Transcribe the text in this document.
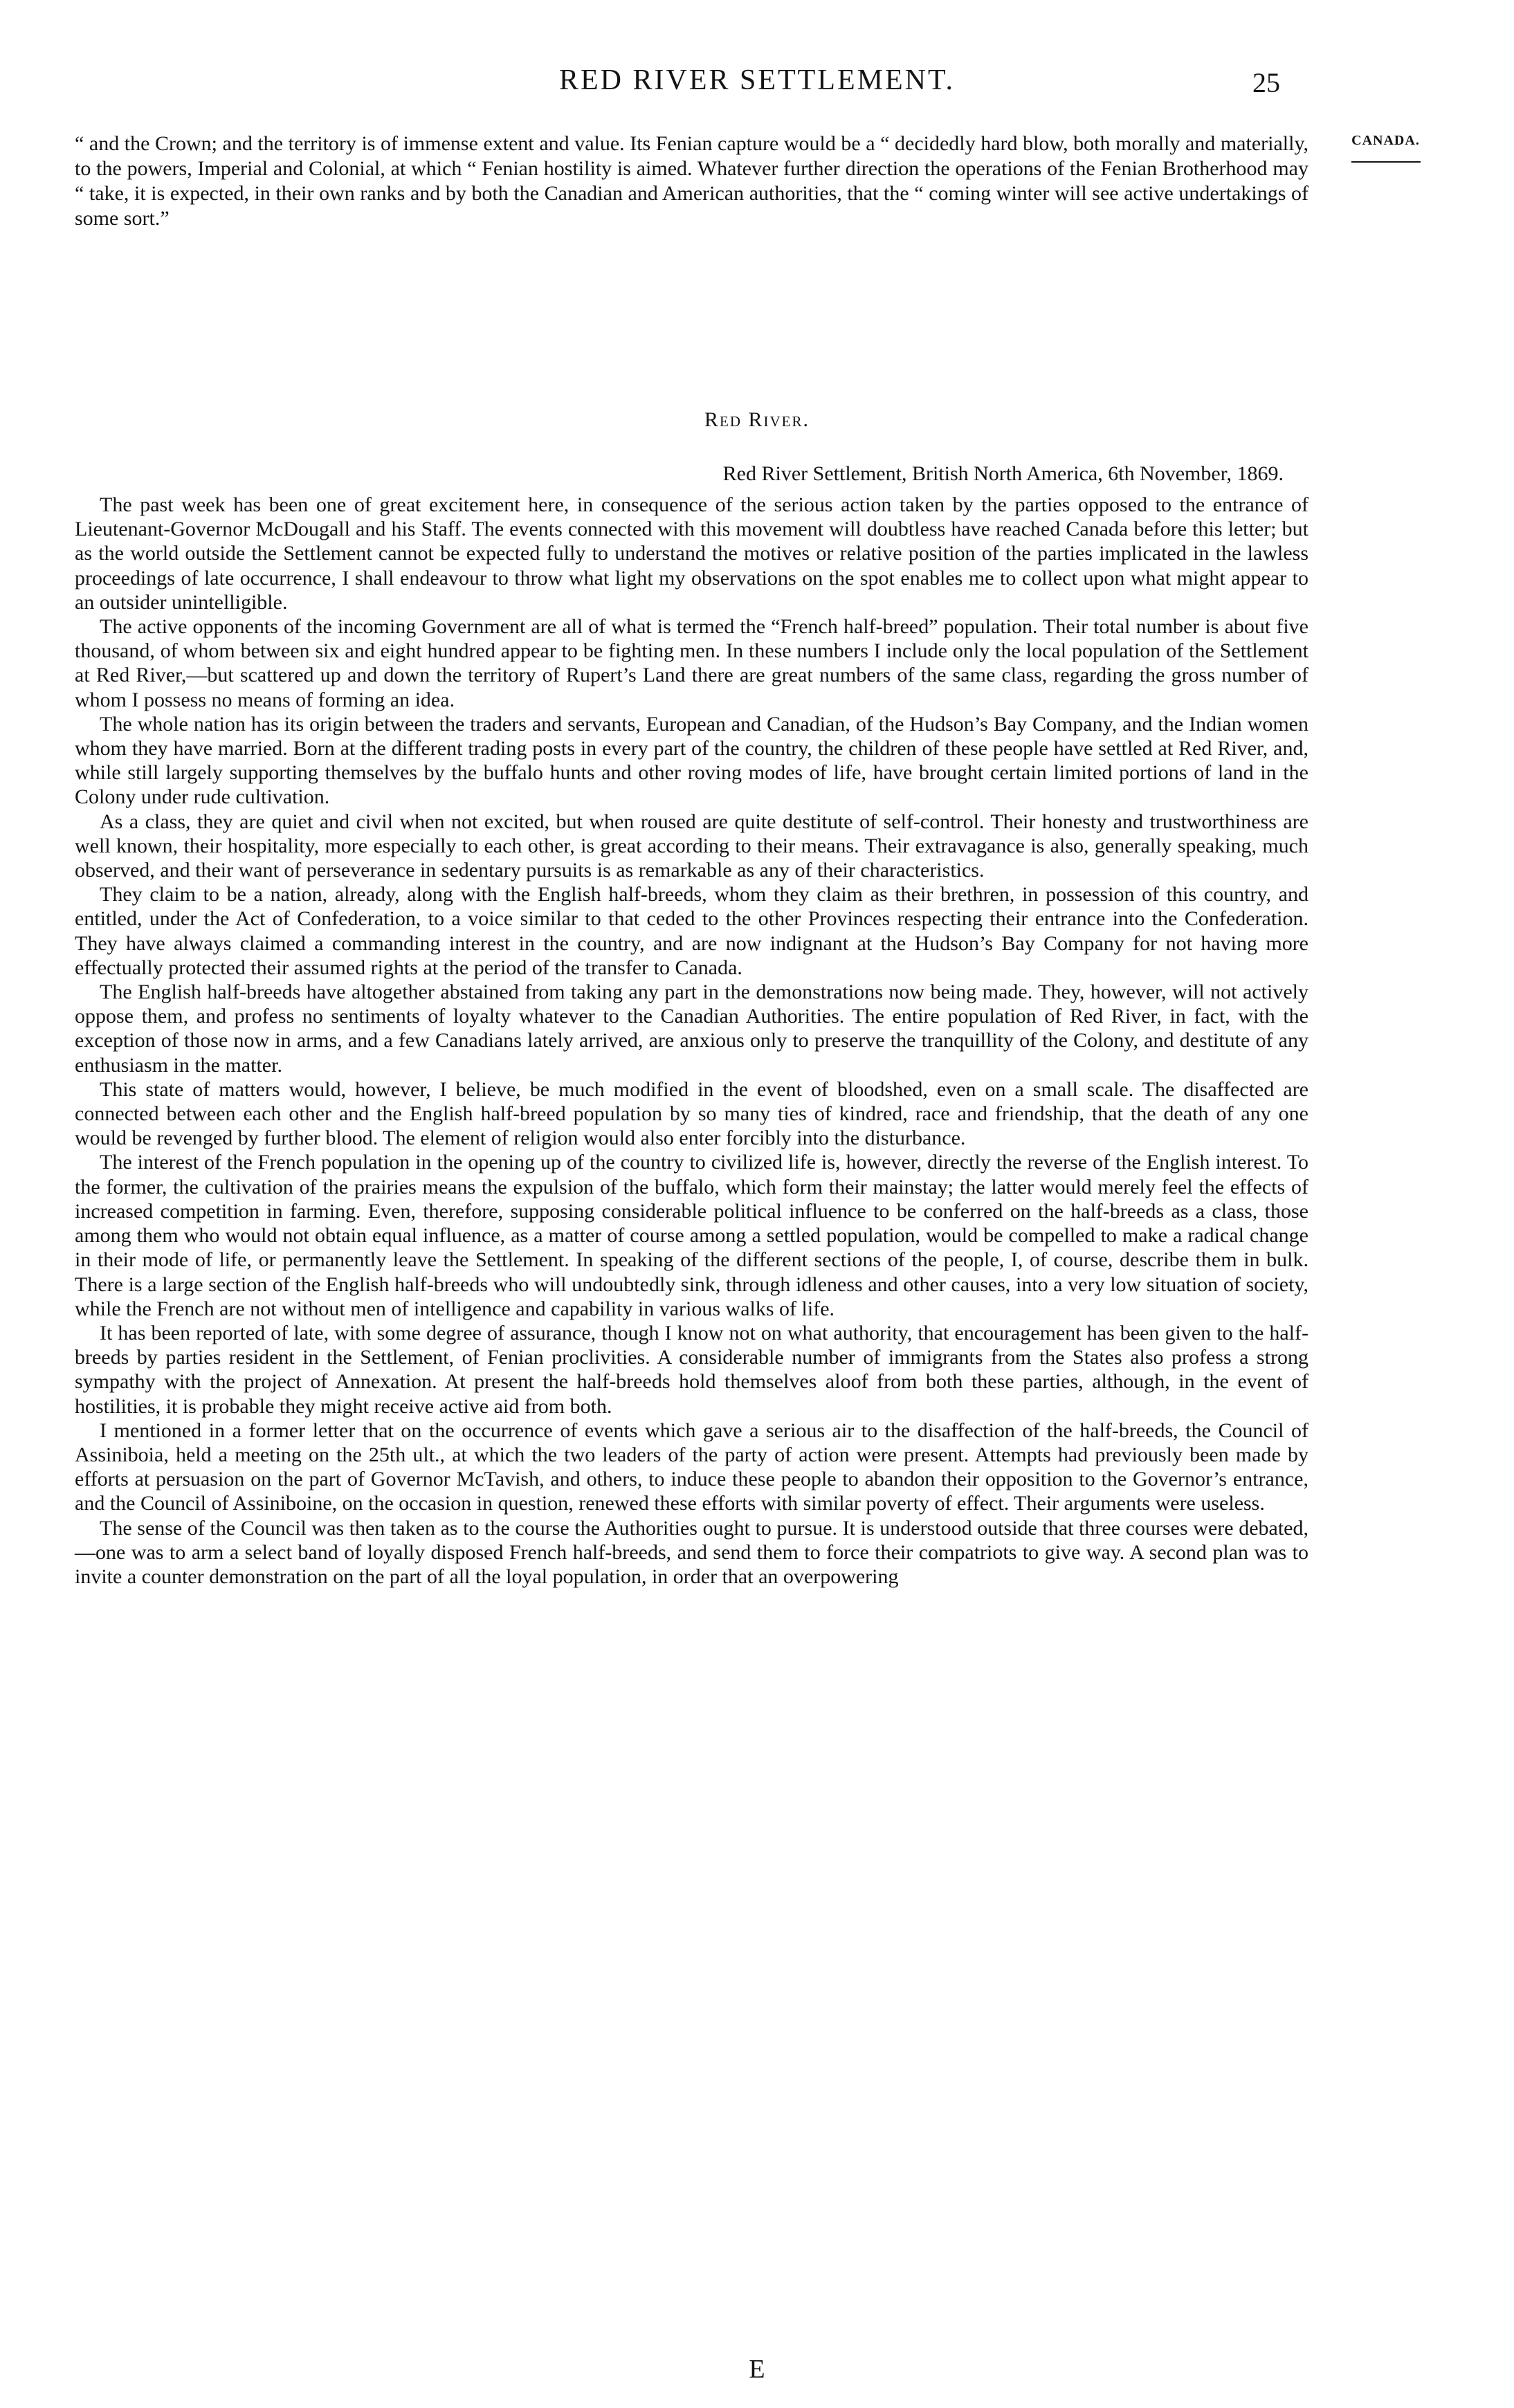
RED RIVER SETTLEMENT.	25
CANADA.

“ and the Crown; and the territory is of immense extent and value. Its Fenian capture would be a “ decidedly hard blow, both morally and materially, to the powers, Imperial and Colonial, at which “ Fenian hostility is aimed. Whatever further direction the operations of the Fenian Brotherhood may “ take, it is expected, in their own ranks and by both the Canadian and American authorities, that the “ coming winter will see active undertakings of some sort.”

Red River.
Red River Settlement, British North America, 6th November, 1869.

The past week has been one of great excitement here, in consequence of the serious action taken by the parties opposed to the entrance of Lieutenant-Governor McDougall and his Staff. The events connected with this movement will doubtless have reached Canada before this letter; but as the world outside the Settlement cannot be expected fully to understand the motives or relative position of the parties implicated in the lawless proceedings of late occurrence, I shall endeavour to throw what light my observations on the spot enables me to collect upon what might appear to an outsider unintelligible.

The active opponents of the incoming Government are all of what is termed the “French half-breed” population. Their total number is about five thousand, of whom between six and eight hundred appear to be fighting men. In these numbers I include only the local population of the Settlement at Red River,—but scattered up and down the territory of Rupert’s Land there are great numbers of the same class, regarding the gross number of whom I possess no means of forming an idea.

The whole nation has its origin between the traders and servants, European and Canadian, of the Hudson’s Bay Company, and the Indian women whom they have married. Born at the different trading posts in every part of the country, the children of these people have settled at Red River, and, while still largely supporting themselves by the buffalo hunts and other roving modes of life, have brought certain limited portions of land in the Colony under rude cultivation.

As a class, they are quiet and civil when not excited, but when roused are quite destitute of self-control. Their honesty and trustworthiness are well known, their hospitality, more especially to each other, is great according to their means. Their extravagance is also, generally speaking, much observed, and their want of perseverance in sedentary pursuits is as remarkable as any of their characteristics.

They claim to be a nation, already, along with the English half-breeds, whom they claim as their brethren, in possession of this country, and entitled, under the Act of Confederation, to a voice similar to that ceded to the other Provinces respecting their entrance into the Confederation. They have always claimed a commanding interest in the country, and are now indignant at the Hudson’s Bay Company for not having more effectually protected their assumed rights at the period of the transfer to Canada.

The English half-breeds have altogether abstained from taking any part in the demonstrations now being made. They, however, will not actively oppose them, and profess no sentiments of loyalty whatever to the Canadian Authorities. The entire population of Red River, in fact, with the exception of those now in arms, and a few Canadians lately arrived, are anxious only to preserve the tranquillity of the Colony, and destitute of any enthusiasm in the matter.

This state of matters would, however, I believe, be much modified in the event of bloodshed, even on a small scale. The disaffected are connected between each other and the English half-breed population by so many ties of kindred, race and friendship, that the death of any one would be revenged by further blood. The element of religion would also enter forcibly into the disturbance.

The interest of the French population in the opening up of the country to civilized life is, however, directly the reverse of the English interest. To the former, the cultivation of the prairies means the expulsion of the buffalo, which form their mainstay; the latter would merely feel the effects of increased competition in farming. Even, therefore, supposing considerable political influence to be conferred on the half-breeds as a class, those among them who would not obtain equal influence, as a matter of course among a settled population, would be compelled to make a radical change in their mode of life, or permanently leave the Settlement. In speaking of the different sections of the people, I, of course, describe them in bulk. There is a large section of the English half-breeds who will undoubtedly sink, through idleness and other causes, into a very low situation of society, while the French are not without men of intelligence and capability in various walks of life.

It has been reported of late, with some degree of assurance, though I know not on what authority, that encouragement has been given to the half-breeds by parties resident in the Settlement, of Fenian proclivities. A considerable number of immigrants from the States also profess a strong sympathy with the project of Annexation. At present the half-breeds hold themselves aloof from both these parties, although, in the event of hostilities, it is probable they might receive active aid from both.

I mentioned in a former letter that on the occurrence of events which gave a serious air to the disaffection of the half-breeds, the Council of Assiniboia, held a meeting on the 25th ult., at which the two leaders of the party of action were present. Attempts had previously been made by efforts at persuasion on the part of Governor McTavish, and others, to induce these people to abandon their opposition to the Governor’s entrance, and the Council of Assiniboine, on the occasion in question, renewed these efforts with similar poverty of effect. Their arguments were useless.

The sense of the Council was then taken as to the course the Authorities ought to pursue. It is understood outside that three courses were debated,—one was to arm a select band of loyally disposed French half-breeds, and send them to force their compatriots to give way. A second plan was to invite a counter demonstration on the part of all the loyal population, in order that an overpowering

E
